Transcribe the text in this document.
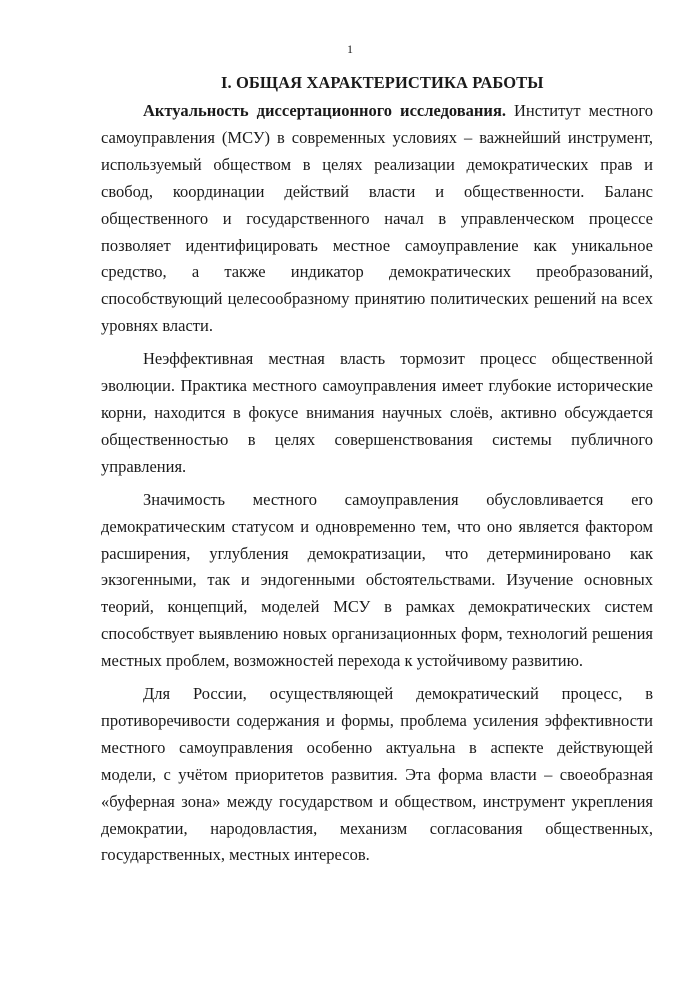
1
I. ОБЩАЯ ХАРАКТЕРИСТИКА РАБОТЫ

Актуальность диссертационного исследования. Институт местного самоуправления (МСУ) в современных условиях – важнейший инструмент, используемый обществом в целях реализации демократических прав и свобод, координации действий власти и общественности. Баланс общественного и государственного начал в управленческом процессе позволяет идентифицировать местное самоуправление как уникальное средство, а также индикатор демократических преобразований, способствующий целесообразному принятию политических решений на всех уровнях власти.

Неэффективная местная власть тормозит процесс общественной эволюции. Практика местного самоуправления имеет глубокие исторические корни, находится в фокусе внимания научных слоёв, активно обсуждается общественностью в целях совершенствования системы публичного управления.

Значимость местного самоуправления обусловливается его демократическим статусом и одновременно тем, что оно является фактором расширения, углубления демократизации, что детерминировано как экзогенными, так и эндогенными обстоятельствами. Изучение основных теорий, концепций, моделей МСУ в рамках демократических систем способствует выявлению новых организационных форм, технологий решения местных проблем, возможностей перехода к устойчивому развитию.

Для России, осуществляющей демократический процесс, в противоречивости содержания и формы, проблема усиления эффективности местного самоуправления особенно актуальна в аспекте действующей модели, с учётом приоритетов развития. Эта форма власти – своеобразная «буферная зона» между государством и обществом, инструмент укрепления демократии, народовластия, механизм согласования общественных, государственных, местных интересов.
